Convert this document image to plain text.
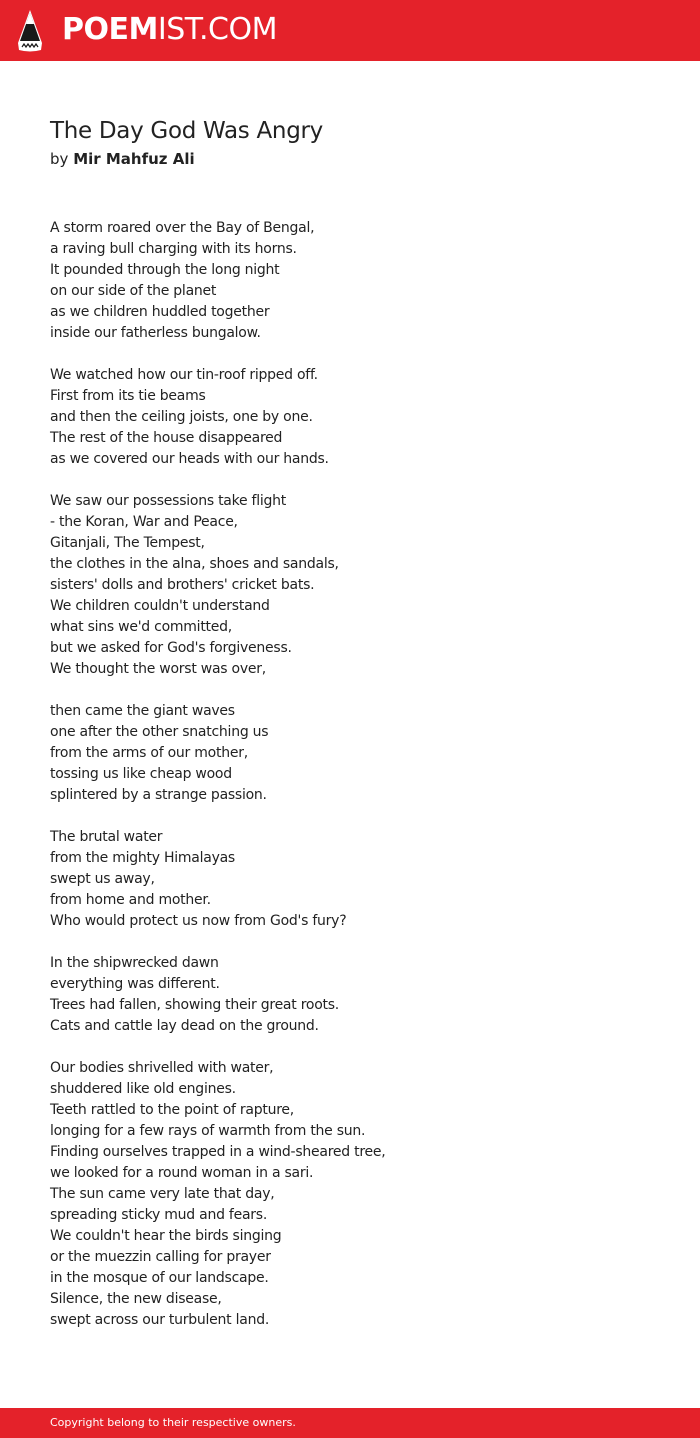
POEMIST.COM
The Day God Was Angry
by Mir Mahfuz Ali
A storm roared over the Bay of Bengal,
a raving bull charging with its horns.
It pounded through the long night
on our side of the planet
as we children huddled together
inside our fatherless bungalow.
We watched how our tin-roof ripped off.
First from its tie beams
and then the ceiling joists, one by one.
The rest of the house disappeared
as we covered our heads with our hands.
We saw our possessions take flight
- the Koran, War and Peace,
Gitanjali, The Tempest,
the clothes in the alna, shoes and sandals,
sisters' dolls and brothers' cricket bats.
We children couldn't understand
what sins we'd committed,
but we asked for God's forgiveness.
We thought the worst was over,
then came the giant waves
one after the other snatching us
from the arms of our mother,
tossing us like cheap wood
splintered by a strange passion.
The brutal water
from the mighty Himalayas
swept us away,
from home and mother.
Who would protect us now from God's fury?
In the shipwrecked dawn
everything was different.
Trees had fallen, showing their great roots.
Cats and cattle lay dead on the ground.
Our bodies shrivelled with water,
shuddered like old engines.
Teeth rattled to the point of rapture,
longing for a few rays of warmth from the sun.
Finding ourselves trapped in a wind-sheared tree,
we looked for a round woman in a sari.
The sun came very late that day,
spreading sticky mud and fears.
We couldn't hear the birds singing
or the muezzin calling for prayer
in the mosque of our landscape.
Silence, the new disease,
swept across our turbulent land.
Copyright belong to their respective owners.
